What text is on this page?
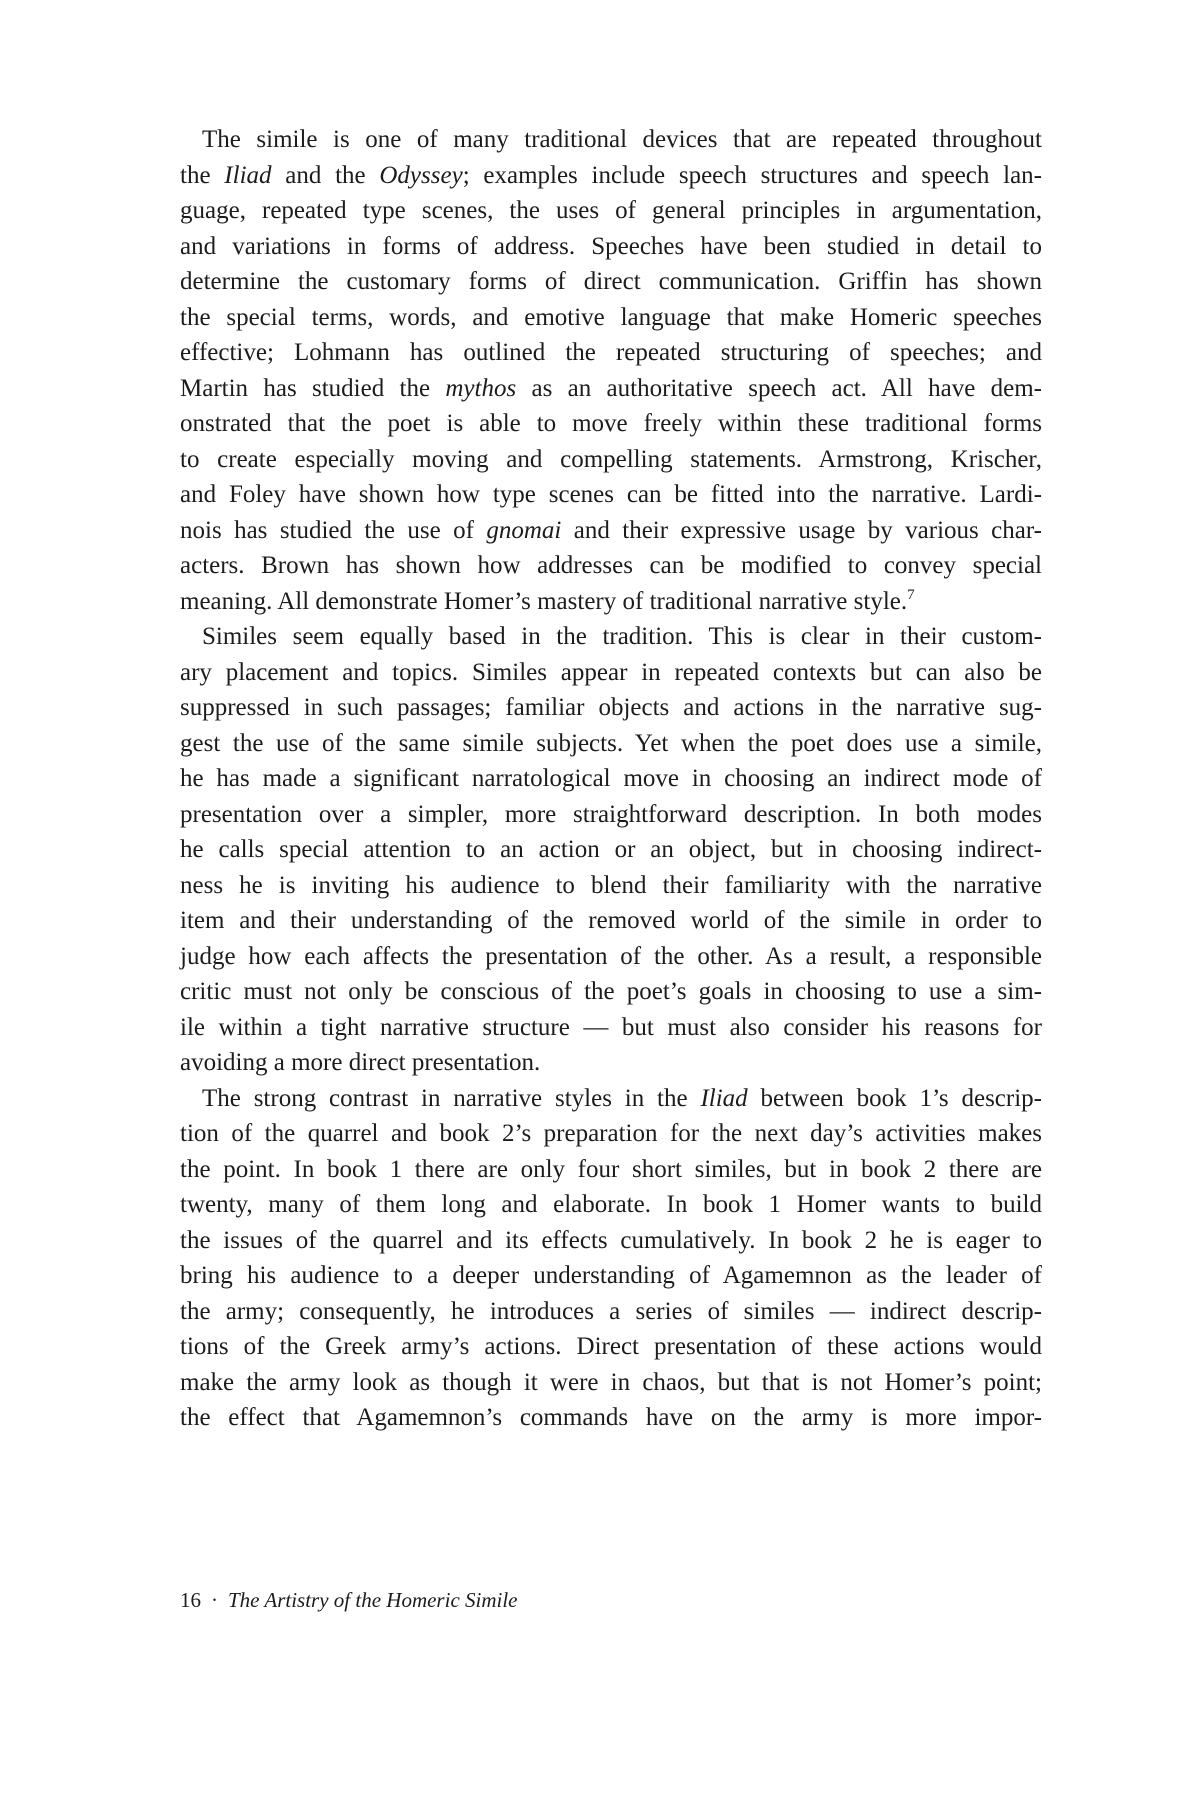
The simile is one of many traditional devices that are repeated throughout
the Iliad and the Odyssey; examples include speech structures and speech lan-
guage, repeated type scenes, the uses of general principles in argumentation,
and variations in forms of address. Speeches have been studied in detail to
determine the customary forms of direct communication. Griffin has shown
the special terms, words, and emotive language that make Homeric speeches
effective; Lohmann has outlined the repeated structuring of speeches; and
Martin has studied the mythos as an authoritative speech act. All have dem-
onstrated that the poet is able to move freely within these traditional forms
to create especially moving and compelling statements. Armstrong, Krischer,
and Foley have shown how type scenes can be fitted into the narrative. Lardi-
nois has studied the use of gnomai and their expressive usage by various char-
acters. Brown has shown how addresses can be modified to convey special
meaning. All demonstrate Homer’s mastery of traditional narrative style.$^7$
Similes seem equally based in the tradition. This is clear in their custom-
ary placement and topics. Similes appear in repeated contexts but can also be
suppressed in such passages; familiar objects and actions in the narrative sug-
gest the use of the same simile subjects. Yet when the poet does use a simile,
he has made a significant narratological move in choosing an indirect mode of
presentation over a simpler, more straightforward description. In both modes
he calls special attention to an action or an object, but in choosing indirect-
ness he is inviting his audience to blend their familiarity with the narrative
item and their understanding of the removed world of the simile in order to
judge how each affects the presentation of the other. As a result, a responsible
critic must not only be conscious of the poet’s goals in choosing to use a sim-
ile within a tight narrative structure — but must also consider his reasons for
avoiding a more direct presentation.
The strong contrast in narrative styles in the Iliad between book 1’s descrip-
tion of the quarrel and book 2’s preparation for the next day’s activities makes
the point. In book 1 there are only four short similes, but in book 2 there are
twenty, many of them long and elaborate. In book 1 Homer wants to build
the issues of the quarrel and its effects cumulatively. In book 2 he is eager to
bring his audience to a deeper understanding of Agamemnon as the leader of
the army; consequently, he introduces a series of similes — indirect descrip-
tions of the Greek army’s actions. Direct presentation of these actions would
make the army look as though it were in chaos, but that is not Homer’s point;
the effect that Agamemnon’s commands have on the army is more impor-
16 · The Artistry of the Homeric Simile
